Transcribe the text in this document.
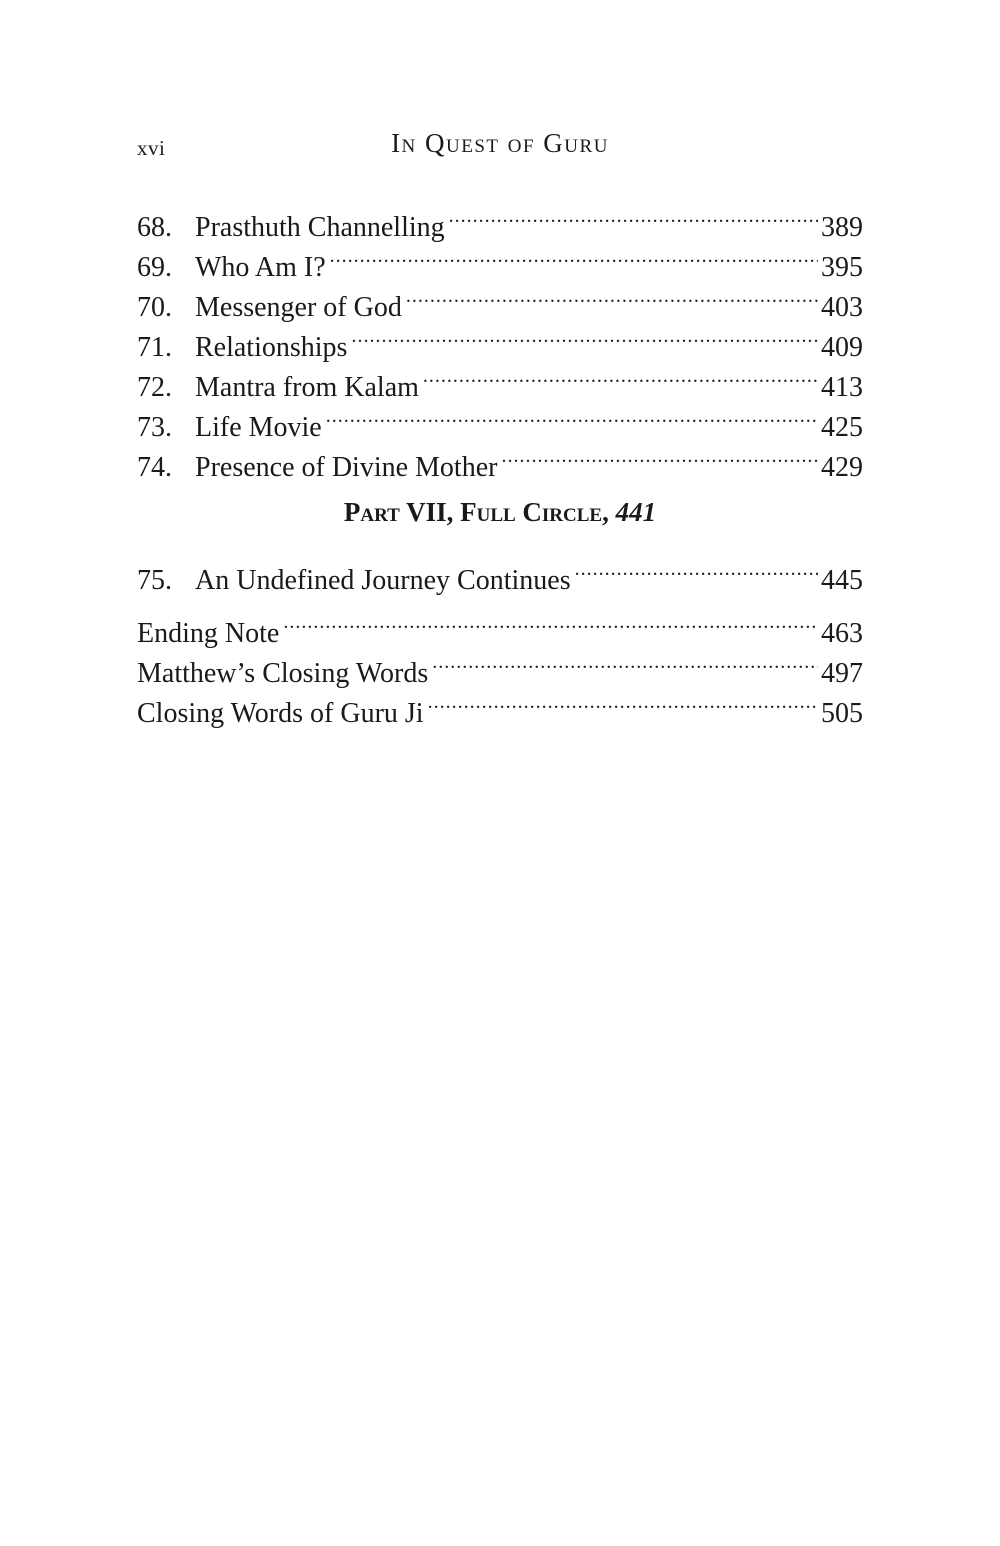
xvi	In Quest of Guru
68. Prasthuth Channelling .....	389
69. Who Am I? .....	395
70. Messenger of God .....	403
71. Relationships .....	409
72. Mantra from Kalam .....	413
73. Life Movie .....	425
74. Presence of Divine Mother .....	429
Part VII, Full Circle, 441
75. An Undefined Journey Continues .....	445
Ending Note .....	463
Matthew’s Closing Words .....	497
Closing Words of Guru Ji .....	505
